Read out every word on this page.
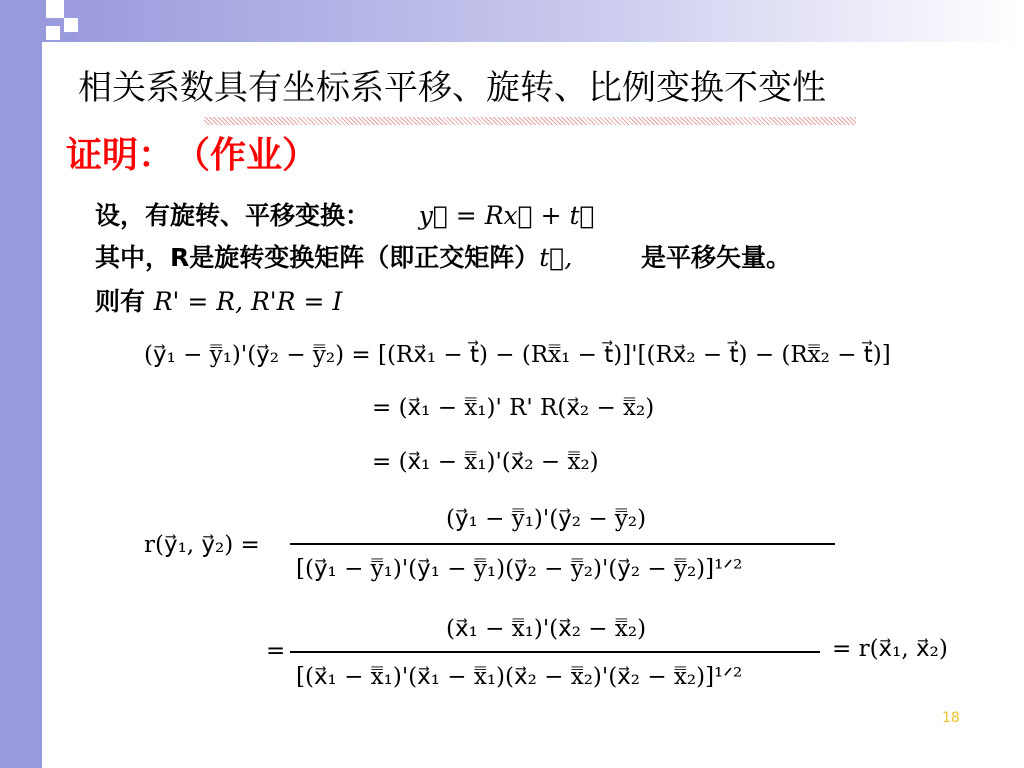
相关系数具有坐标系平移、旋转、比例变换不变性
证明：　（作业）
设，有旋转、平移变换： y⃗ = Rx⃗ + t⃗
其中，R是旋转变换矩阵（即正交矩阵）t⃗,	是平移矢量。
则有 R' = R, R'R = I
(y⃗₁ − y̿₁)'(y⃗₂ − y̿₂) = [(Rx⃗₁ − t⃗) − (Rx̿₁ − t⃗)]'[(Rx⃗₂ − t⃗) − (Rx̿₂ − t⃗)]
= (x⃗₁ − x̿₁)' R' R(x⃗₂ − x̿₂)
= (x⃗₁ − x̿₁)'(x⃗₂ − x̿₂)
r(y⃗₁, y⃗₂) =
(y⃗₁ − y̿₁)'(y⃗₂ − y̿₂)
[(y⃗₁ − y̿₁)'(y⃗₁ − y̿₁)(y⃗₂ − y̿₂)'(y⃗₂ − y̿₂)]¹ᐟ²
=
(x⃗₁ − x̿₁)'(x⃗₂ − x̿₂)
[(x⃗₁ − x̿₁)'(x⃗₁ − x̿₁)(x⃗₂ − x̿₂)'(x⃗₂ − x̿₂)]¹ᐟ²
= r(x⃗₁, x⃗₂)
18
